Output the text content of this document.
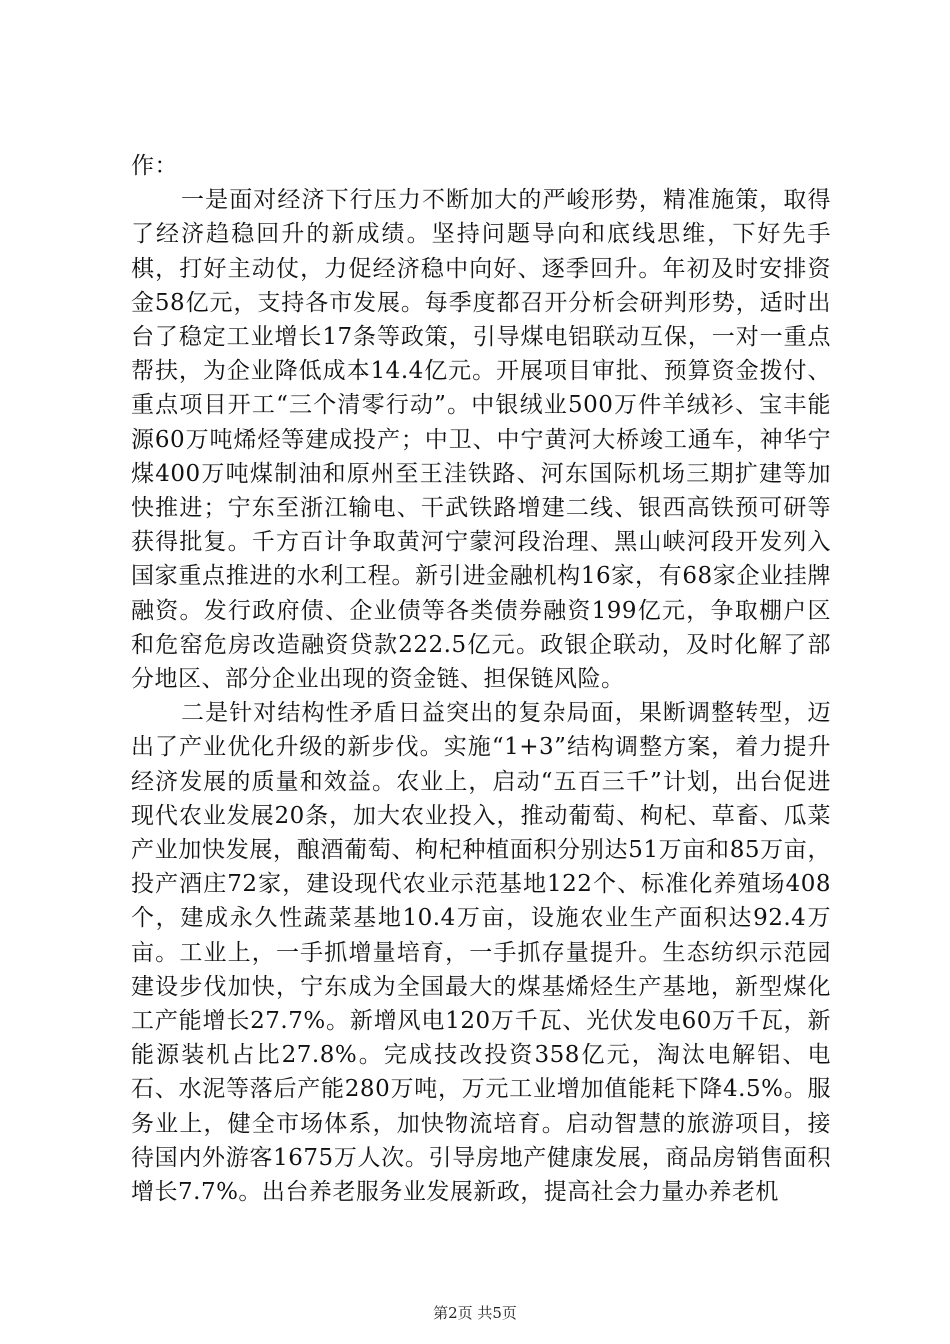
作：

一是面对经济下行压力不断加大的严峻形势，精准施策，取得了经济趋稳回升的新成绩。坚持问题导向和底线思维，下好先手棋，打好主动仗，力促经济稳中向好、逐季回升。年初及时安排资金58亿元，支持各市发展。每季度都召开分析会研判形势，适时出台了稳定工业增长17条等政策，引导煤电铝联动互保，一对一重点帮扶，为企业降低成本14.4亿元。开展项目审批、预算资金拨付、重点项目开工“三个清零行动”。中银绒业500万件羊绒衫、宝丰能源60万吨烯烃等建成投产；中卫、中宁黄河大桥竣工通车，神华宁煤400万吨煤制油和原州至王洼铁路、河东国际机场三期扩建等加快推进；宁东至浙江输电、干武铁路增建二线、银西高铁预可研等获得批复。千方百计争取黄河宁蒙河段治理、黑山峡河段开发列入国家重点推进的水利工程。新引进金融机构16家，有68家企业挂牌融资。发行政府债、企业债等各类债券融资199亿元，争取棚户区和危窑危房改造融资贷款222.5亿元。政银企联动，及时化解了部分地区、部分企业出现的资金链、担保链风险。

二是针对结构性矛盾日益突出的复杂局面，果断调整转型，迈出了产业优化升级的新步伐。实施“1+3”结构调整方案，着力提升经济发展的质量和效益。农业上，启动“五百三千”计划，出台促进现代农业发展20条，加大农业投入，推动葡萄、枸杞、草畜、瓜菜产业加快发展，酿酒葡萄、枸杞种植面积分别达51万亩和85万亩，投产酒庄72家，建设现代农业示范基地122个、标准化养殖场408个，建成永久性蔬菜基地10.4万亩，设施农业生产面积达92.4万亩。工业上，一手抓增量培育，一手抓存量提升。生态纺织示范园建设步伐加快，宁东成为全国最大的煤基烯烃生产基地，新型煤化工产能增长27.7%。新增风电120万千瓦、光伏发电60万千瓦，新能源装机占比27.8%。完成技改投资358亿元，淘汰电解铝、电石、水泥等落后产能280万吨，万元工业增加值能耗下降4.5%。服务业上，健全市场体系，加快物流培育。启动智慧的旅游项目，接待国内外游客1675万人次。引导房地产健康发展，商品房销售面积增长7.7%。出台养老服务业发展新政，提高社会力量办养老机

第2页 共5页
